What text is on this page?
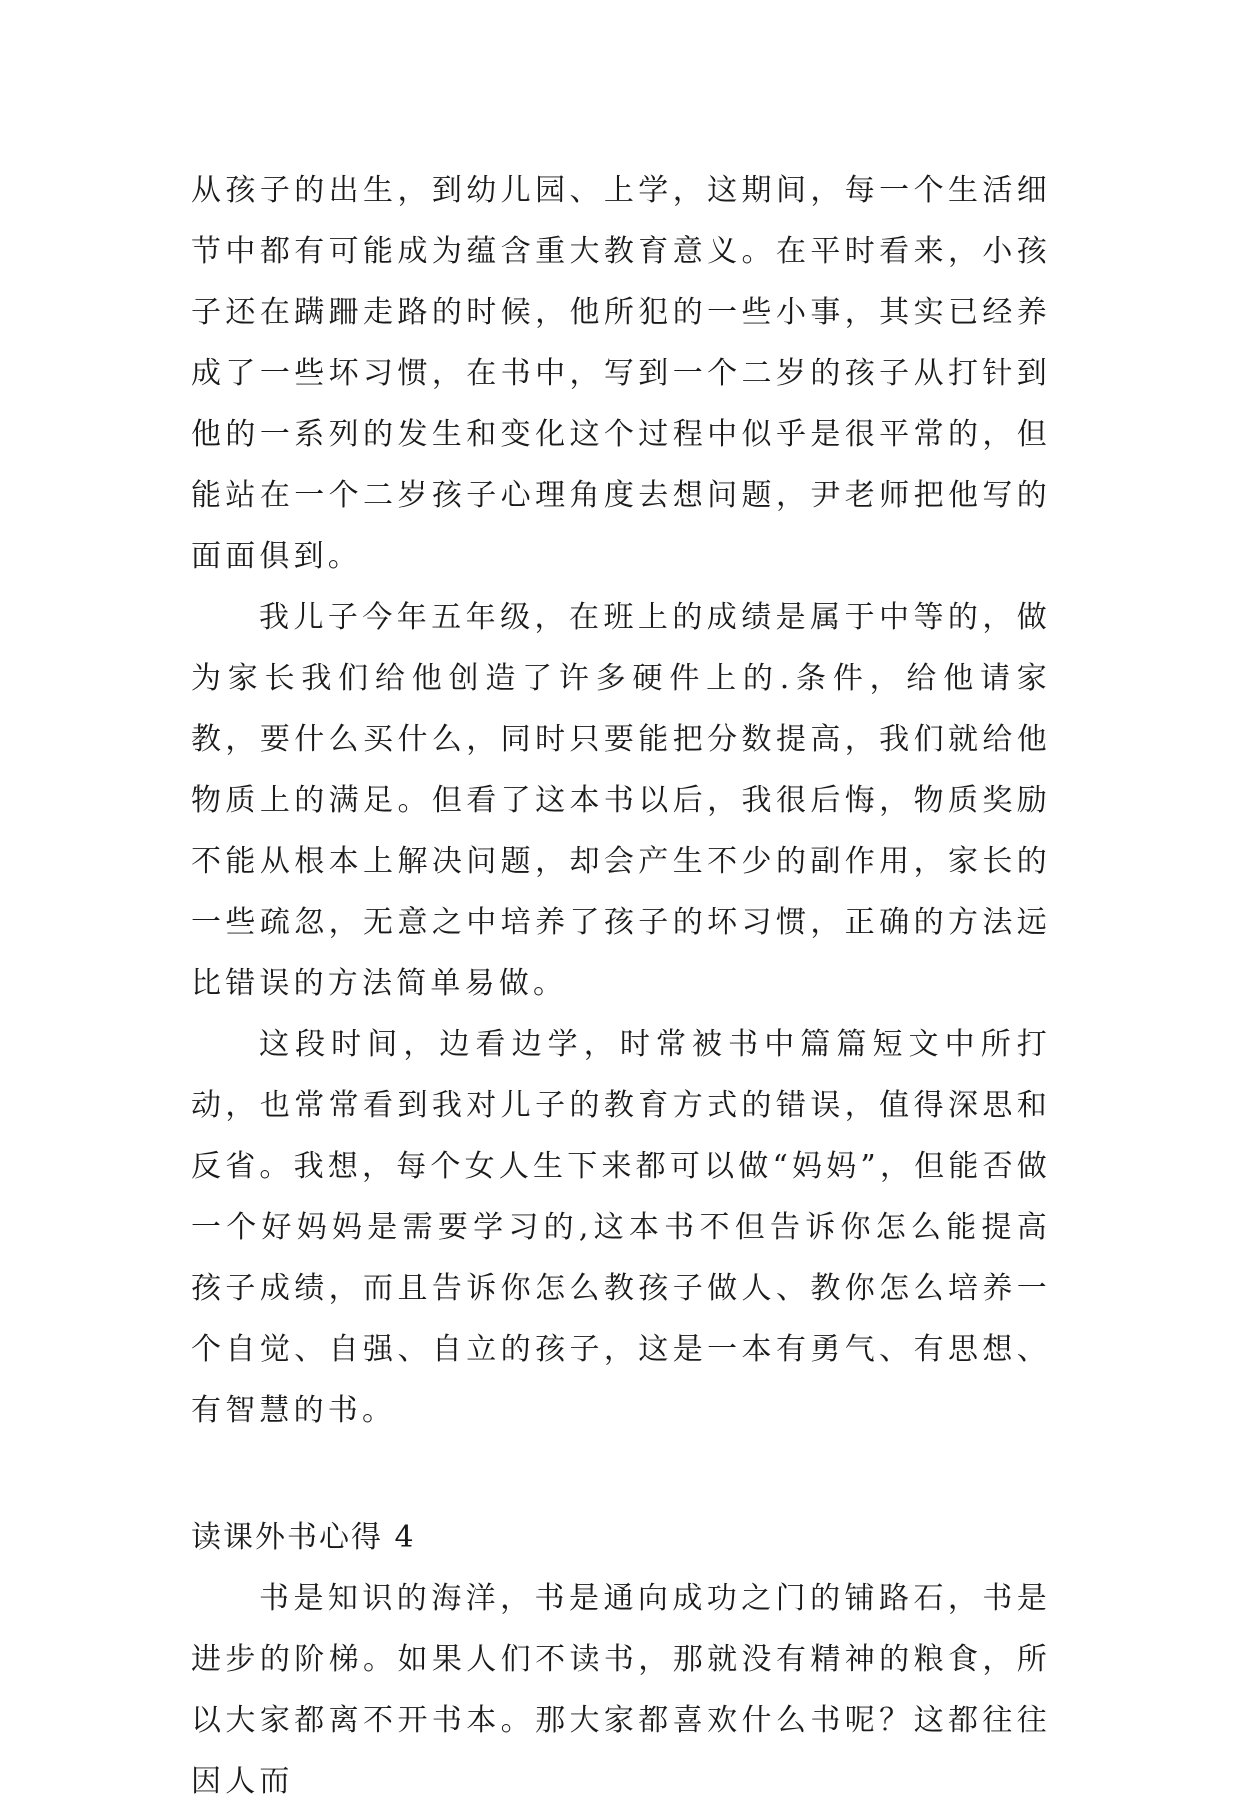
从孩子的出生，到幼儿园、上学，这期间，每一个生活细节中都有可能成为蕴含重大教育意义。在平时看来，小孩子还在蹒跚走路的时候，他所犯的一些小事，其实已经养成了一些坏习惯，在书中，写到一个二岁的孩子从打针到他的一系列的发生和变化这个过程中似乎是很平常的，但能站在一个二岁孩子心理角度去想问题，尹老师把他写的面面俱到。

我儿子今年五年级，在班上的成绩是属于中等的，做为家长我们给他创造了许多硬件上的.条件，给他请家教，要什么买什么，同时只要能把分数提高，我们就给他物质上的满足。但看了这本书以后，我很后悔，物质奖励不能从根本上解决问题，却会产生不少的副作用，家长的一些疏忽，无意之中培养了孩子的坏习惯，正确的方法远比错误的方法简单易做。

这段时间，边看边学，时常被书中篇篇短文中所打动，也常常看到我对儿子的教育方式的错误，值得深思和反省。我想，每个女人生下来都可以做“妈妈”，但能否做一个好妈妈是需要学习的,这本书不但告诉你怎么能提高孩子成绩，而且告诉你怎么教孩子做人、教你怎么培养一个自觉、自强、自立的孩子，这是一本有勇气、有思想、有智慧的书。

读课外书心得 4

书是知识的海洋，书是通向成功之门的铺路石，书是进步的阶梯。如果人们不读书，那就没有精神的粮食，所以大家都离不开书本。那大家都喜欢什么书呢？这都往往因人而
